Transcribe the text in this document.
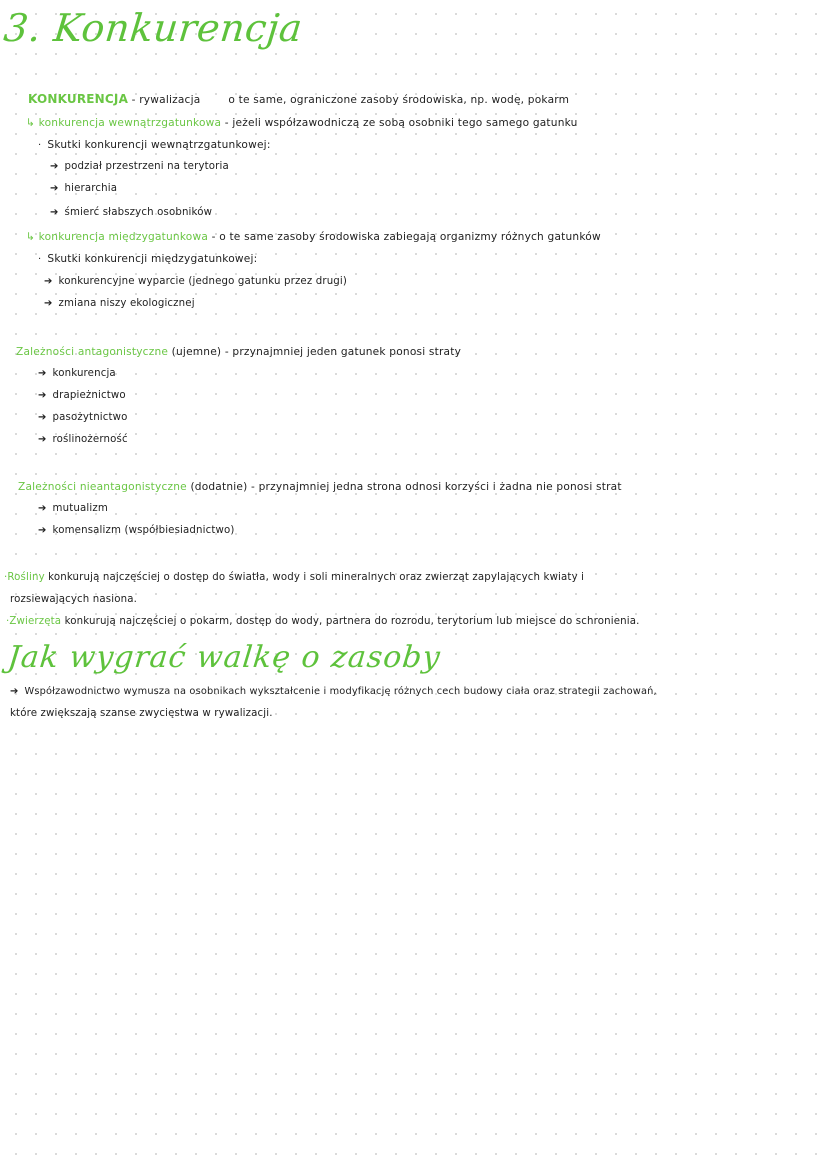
3. Konkurencja
KONKURENCJA - rywalizacja	o te same, ograniczone zasoby środowiska, np. wodę, pokarm
↳ konkurencja wewnątrzgatunkowa - jeżeli współzawodniczą ze sobą osobniki tego samego gatunku
· Skutki konkurencji wewnątrzgatunkowej:
➔ podział przestrzeni na terytoria
➔ hierarchia
➔ śmierć słabszych osobników
↳ konkurencja międzygatunkowa - o te same zasoby środowiska zabiegają organizmy różnych gatunków
· Skutki konkurencji międzygatunkowej:
➔ konkurencyjne wyparcie (jednego gatunku przez drugi)
➔ zmiana niszy ekologicznej
Zależności antagonistyczne (ujemne) - przynajmniej jeden gatunek ponosi straty
➔ konkurencja
➔ drapieżnictwo
➔ pasożytnictwo
➔ roślinożerność
Zależności nieantagonistyczne (dodatnie) - przynajmniej jedna strona odnosi korzyści i żadna nie ponosi strat
➔ mutualizm
➔ komensalizm (współbiesiadnictwo)
·Rośliny konkurują najczęściej o dostęp do światła, wody i soli mineralnych oraz zwierząt zapylających kwiaty i
rozsiewających nasiona.
·Zwierzęta konkurują najczęściej o pokarm, dostęp do wody, partnera do rozrodu, terytorium lub miejsce do schronienia.
Jak wygrać walkę o zasoby
➔ Współzawodnictwo wymusza na osobnikach wykształcenie i modyfikację różnych cech budowy ciała oraz strategii zachowań,
które zwiększają szanse zwycięstwa w rywalizacji.
